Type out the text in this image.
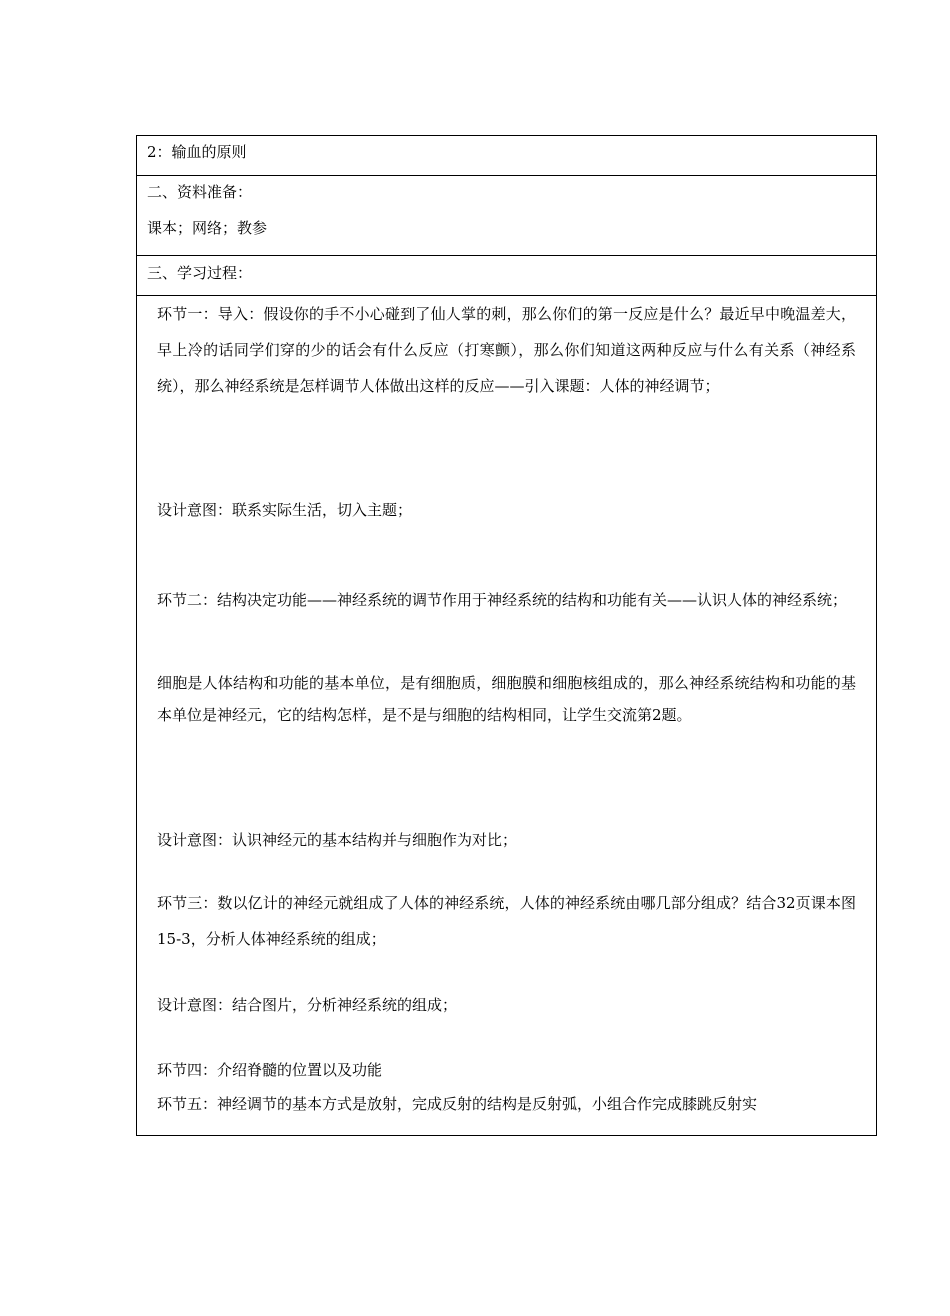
2：输血的原则
二、资料准备：
课本；网络；教参
三、学习过程：

环节一：导入：假设你的手不小心碰到了仙人掌的刺，那么你们的第一反应是什么？最近早中晚温差大，早上冷的话同学们穿的少的话会有什么反应（打寒颤），那么你们知道这两种反应与什么有关系（神经系统），那么神经系统是怎样调节人体做出这样的反应——引入课题：人体的神经调节；

设计意图：联系实际生活，切入主题；

环节二：结构决定功能——神经系统的调节作用于神经系统的结构和功能有关——认识人体的神经系统；

细胞是人体结构和功能的基本单位，是有细胞质，细胞膜和细胞核组成的，那么神经系统结构和功能的基本单位是神经元，它的结构怎样，是不是与细胞的结构相同，让学生交流第2题。

设计意图：认识神经元的基本结构并与细胞作为对比；

环节三：数以亿计的神经元就组成了人体的神经系统，人体的神经系统由哪几部分组成？结合32页课本图15-3，分析人体神经系统的组成；

设计意图：结合图片，分析神经系统的组成；

环节四：介绍脊髓的位置以及功能

环节五：神经调节的基本方式是放射，完成反射的结构是反射弧，小组合作完成膝跳反射实
